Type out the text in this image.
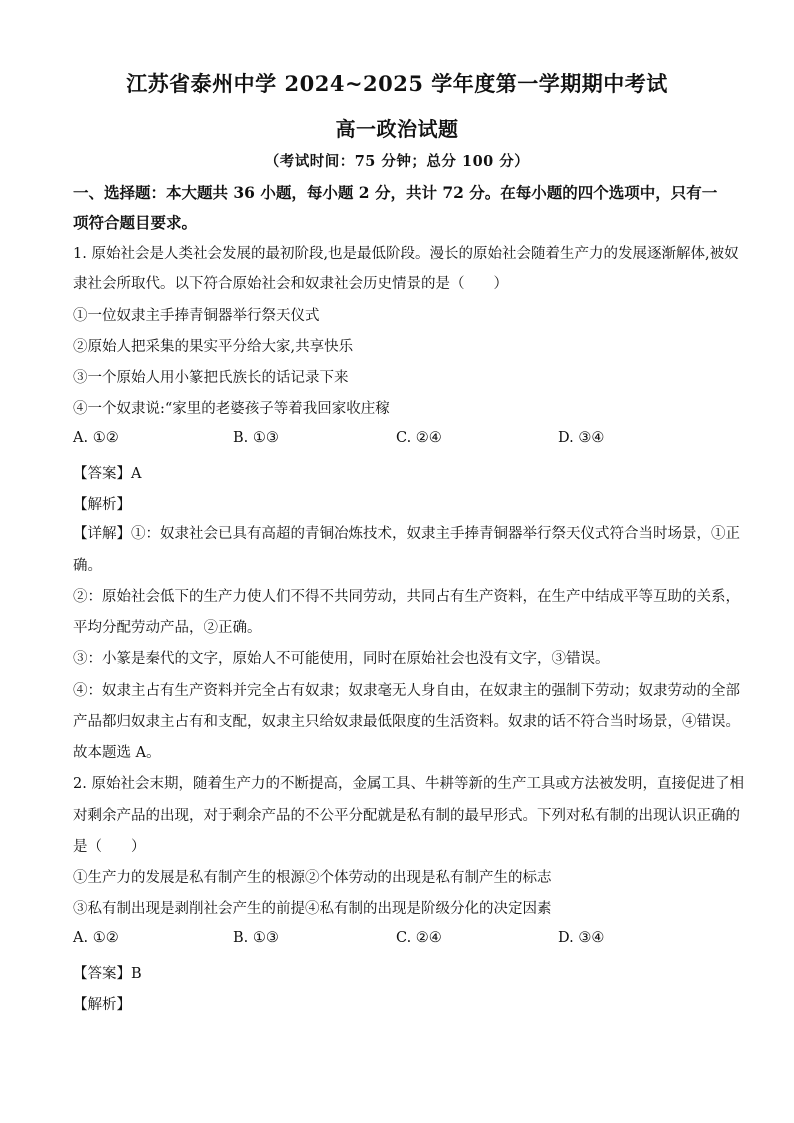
江苏省泰州中学 2024~2025 学年度第一学期期中考试
高一政治试题
（考试时间：75 分钟；总分 100 分）
一、选择题：本大题共 36 小题，每小题 2 分，共计 72 分。在每小题的四个选项中，只有一
项符合题目要求。
1. 原始社会是人类社会发展的最初阶段,也是最低阶段。漫长的原始社会随着生产力的发展逐渐解体,被奴
隶社会所取代。以下符合原始社会和奴隶社会历史情景的是（　　）
①一位奴隶主手捧青铜器举行祭天仪式
②原始人把采集的果实平分给大家,共享快乐
③一个原始人用小篆把氏族长的话记录下来
④一个奴隶说:“家里的老婆孩子等着我回家收庄稼
A. ①②	B. ①③	C. ②④	D. ③④
【答案】A
【解析】
【详解】①：奴隶社会已具有高超的青铜冶炼技术，奴隶主手捧青铜器举行祭天仪式符合当时场景，①正
确。
②：原始社会低下的生产力使人们不得不共同劳动，共同占有生产资料，在生产中结成平等互助的关系，
平均分配劳动产品，②正确。
③：小篆是秦代的文字，原始人不可能使用，同时在原始社会也没有文字，③错误。
④：奴隶主占有生产资料并完全占有奴隶；奴隶毫无人身自由，在奴隶主的强制下劳动；奴隶劳动的全部
产品都归奴隶主占有和支配，奴隶主只给奴隶最低限度的生活资料。奴隶的话不符合当时场景，④错误。
故本题选 A。
2. 原始社会末期，随着生产力的不断提高，金属工具、牛耕等新的生产工具或方法被发明，直接促进了相
对剩余产品的出现，对于剩余产品的不公平分配就是私有制的最早形式。下列对私有制的出现认识正确的
是（　　）
①生产力的发展是私有制产生的根源②个体劳动的出现是私有制产生的标志
③私有制出现是剥削社会产生的前提④私有制的出现是阶级分化的决定因素
A. ①②	B. ①③	C. ②④	D. ③④
【答案】B
【解析】
